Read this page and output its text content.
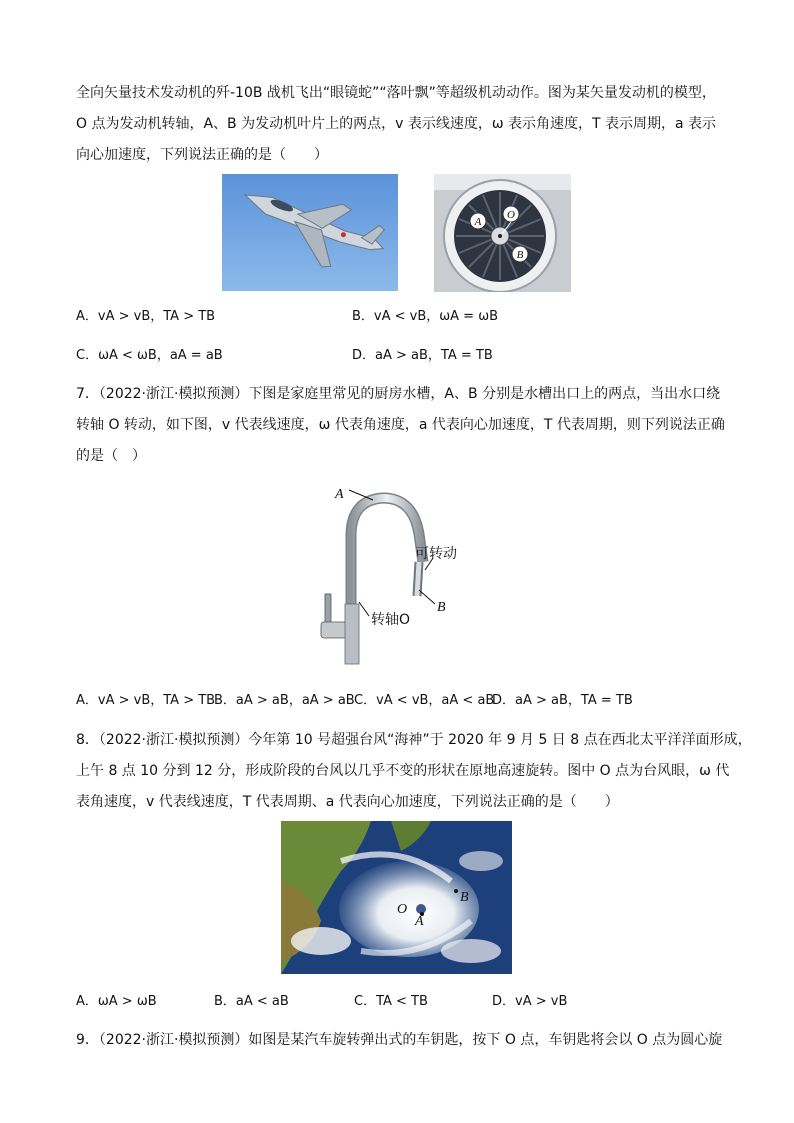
全向矢量技术发动机的歼-10B 战机飞出“眼镜蛇”“落叶飘”等超级机动动作。图为某矢量发动机的模型，
O 点为发动机转轴，A、B 为发动机叶片上的两点，v 表示线速度，ω 表示角速度，T 表示周期，a 表示
向心加速度，下列说法正确的是（　　）
A
O
B
A．vA > vB，TA > TB	B．vA < vB，ωA = ωB
C．ωA < ωB，aA = aB	D．aA > aB，TA = TB
7．（2022·浙江·模拟预测）下图是家庭里常见的厨房水槽，A、B 分别是水槽出口上的两点，当出水口绕
转轴 O 转动，如下图，v 代表线速度，ω 代表角速度，a 代表向心加速度，T 代表周期，则下列说法正确
的是（　）
A
B
可转动
转轴O
A．vA > vB，TA > TB
B．aA > aB，aA > aB C．vA < vB，aA < aB
D．aA > aB，TA = TB
8．（2022·浙江·模拟预测）今年第 10 号超强台风“海神”于 2020 年 9 月 5 日 8 点在西北太平洋洋面形成，
上午 8 点 10 分到 12 分，形成阶段的台风以几乎不变的形状在原地高速旋转。图中 O 点为台风眼，ω 代
表角速度，v 代表线速度，T 代表周期、a 代表向心加速度，下列说法正确的是（　　）
O
A
B
A．ωA > ωB	B．aA < aB	C．TA < TB	D．vA > vB
9．（2022·浙江·模拟预测）如图是某汽车旋转弹出式的车钥匙，按下 O 点，车钥匙将会以 O 点为圆心旋
